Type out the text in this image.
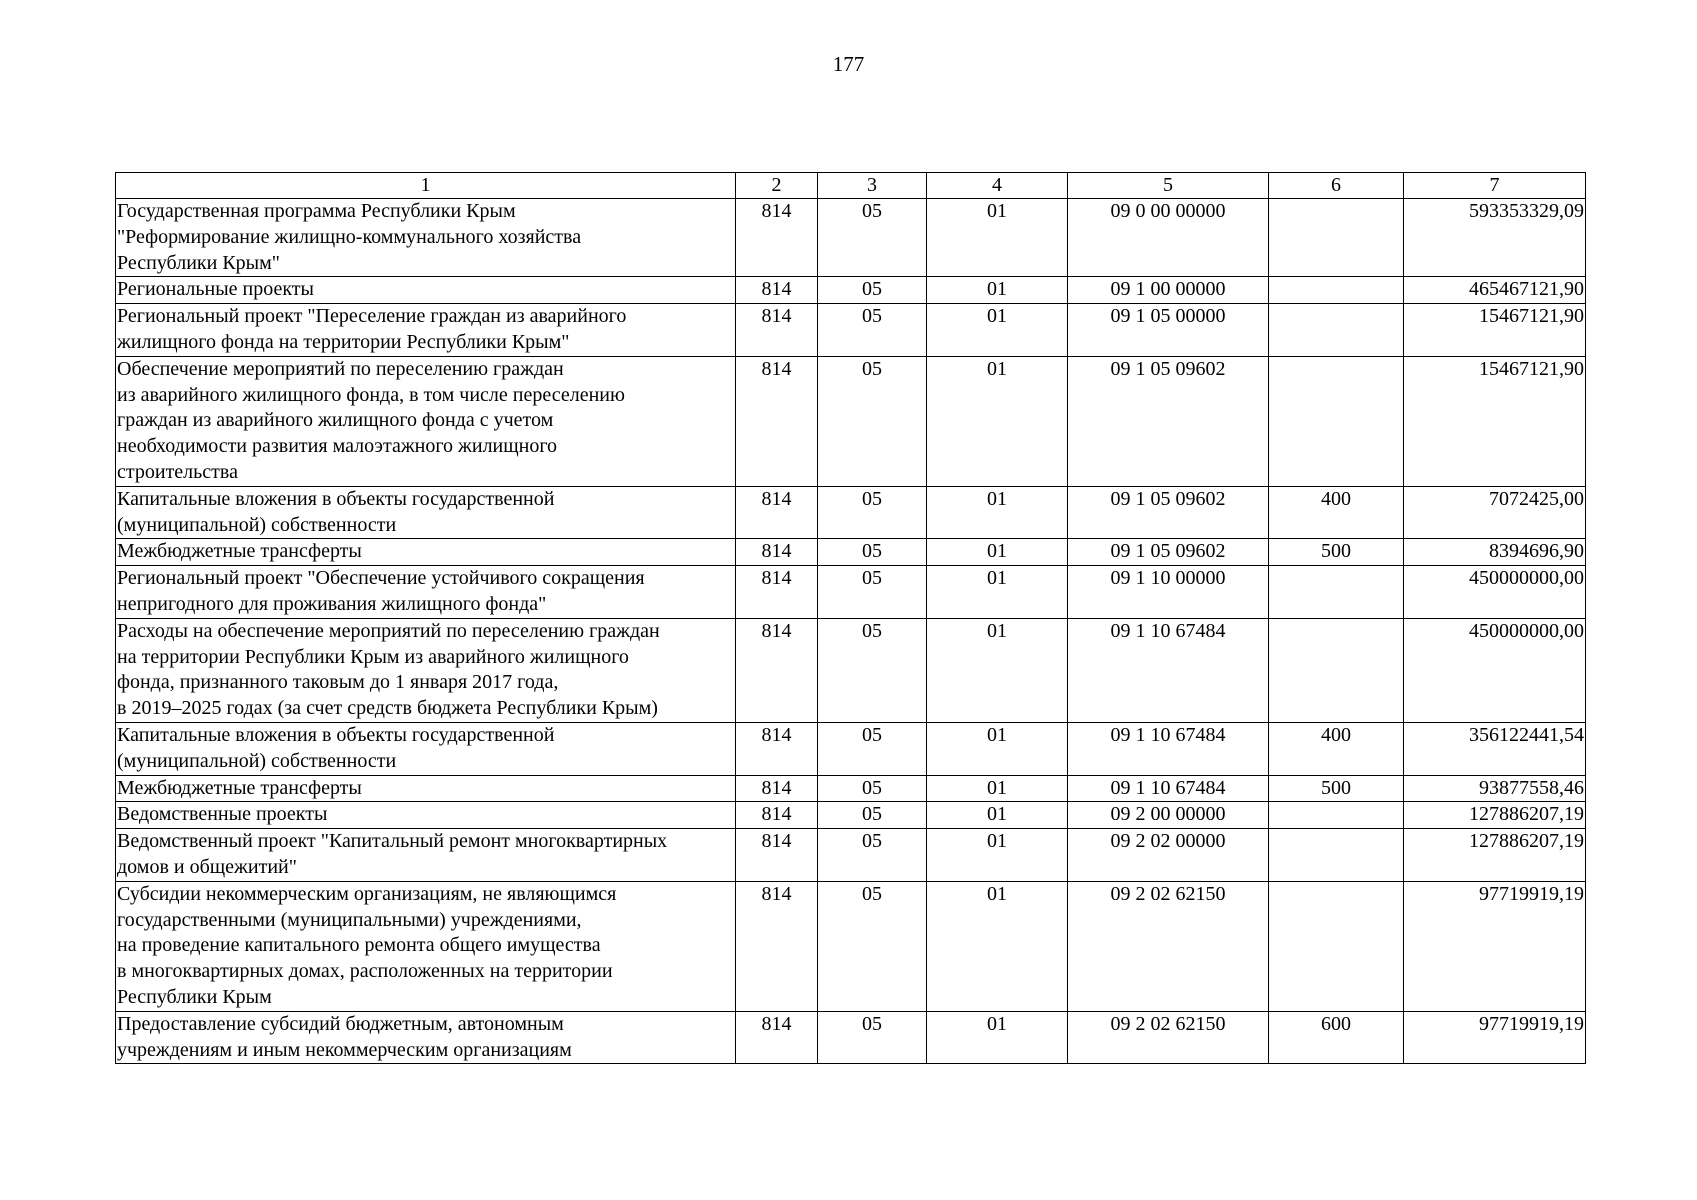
177
1	2	3	4	5	6	7
Государственная программа Республики Крым
"Реформирование жилищно-коммунального хозяйства
Республики Крым"	814	05	01	09 0 00 00000		593353329,09
Региональные проекты	814	05	01	09 1 00 00000		465467121,90
Региональный проект "Переселение граждан из аварийного
жилищного фонда на территории Республики Крым"	814	05	01	09 1 05 00000		15467121,90
Обеспечение мероприятий по переселению граждан
из аварийного жилищного фонда, в том числе переселению
граждан из аварийного жилищного фонда с учетом
необходимости развития малоэтажного жилищного
строительства	814	05	01	09 1 05 09602		15467121,90
Капитальные вложения в объекты государственной
(муниципальной) собственности	814	05	01	09 1 05 09602	400	7072425,00
Межбюджетные трансферты	814	05	01	09 1 05 09602	500	8394696,90
Региональный проект "Обеспечение устойчивого сокращения
непригодного для проживания жилищного фонда"	814	05	01	09 1 10 00000		450000000,00
Расходы на обеспечение мероприятий по переселению граждан
на территории Республики Крым из аварийного жилищного
фонда, признанного таковым до 1 января 2017 года,
в 2019–2025 годах (за счет средств бюджета Республики Крым)	814	05	01	09 1 10 67484		450000000,00
Капитальные вложения в объекты государственной
(муниципальной) собственности	814	05	01	09 1 10 67484	400	356122441,54
Межбюджетные трансферты	814	05	01	09 1 10 67484	500	93877558,46
Ведомственные проекты	814	05	01	09 2 00 00000		127886207,19
Ведомственный проект "Капитальный ремонт многоквартирных
домов и общежитий"	814	05	01	09 2 02 00000		127886207,19
Субсидии некоммерческим организациям, не являющимся
государственными (муниципальными) учреждениями,
на проведение капитального ремонта общего имущества
в многоквартирных домах, расположенных на территории
Республики Крым	814	05	01	09 2 02 62150		97719919,19
Предоставление субсидий бюджетным, автономным
учреждениям и иным некоммерческим организациям	814	05	01	09 2 02 62150	600	97719919,19
